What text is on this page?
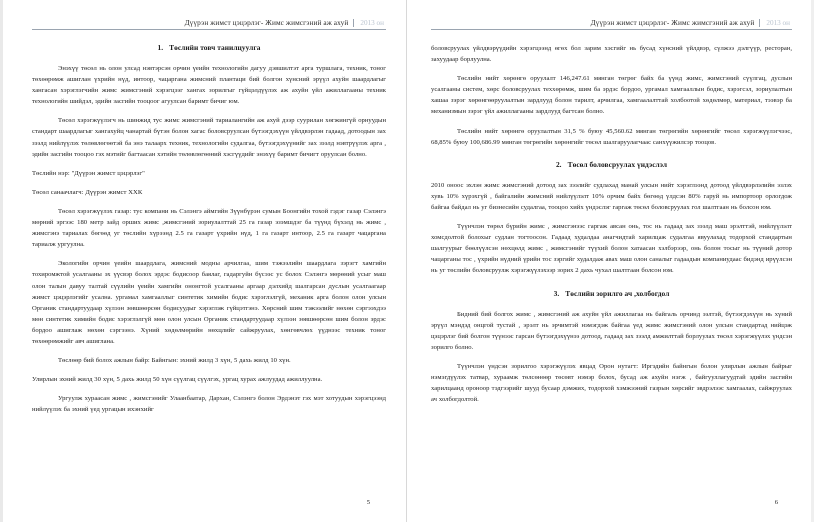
Дүүрэн жимст цэцэрлэг- Жимс жимсгэний аж ахуй	2013 он
1. Төслийн товч танилцуулга

Энэхүү төсөл нь олон улсад нэвтэрсэн орчин үеийн технологийн дагуу дэвшилтэт арга туршлага, техник, тоног төхөөрөмж ашиглан үхрийн нүд, интоор, чацаргана жимсний плантаци бий болгон хүнсний эрүүл ахуйн шаардлагыг хангасан хэрэглэгчийн жимс жимсгэний хэрэгцээг хангах зорилгыг гүйцэлдүүлэх аж ахуйн үйл ажиллагааны техник технологийн шийдэл, эдийн засгийн тооцоог агуулсан баримт бичиг юм.

Төсөл хэрэгжүүлэгч нь шинжид тус жимс жимсгэний тариалангийн аж ахуй дээр суурилан хөгжингүй орнуудын стандарт шаардлагыг хангахуйц чанартай бүтэн болон хагас боловсруулсан бүтээгдэхүүн үйлдвэрлэн гадаад, дотоодын зах зээлд нийлүүлэх төлөвлөгөөтэй ба энэ талаарх техник, технологийн судалгаа, бүтээгдэхүүнийг зах зээлд нэвтрүүлэх арга , эдийн засгийн тооцоо гэх мэтийг багтаасан хэтийн төлөвлөгөөний хэсгүүдийг энэхүү баримт бичигт оруулсан болно.

Төслийн нэр: "Дүүрэн жимст цэцэрлэг"

Төсөл санаачлагч: Дүүрэн жимст ХХК

Төсөл хэрэгжүүлэх газар: тус компани нь Сэлэнгэ аймгийн Зүүнбүрэн сумын Боонгийн тохой гэдэг газар Сэлэнгэ мөрний эргээс 180 метр зайд орших жимс ,жимсгэний зориулалттай 25 га газар эзэмшдэг ба түүнд бүхэлд нь жимс , жимсгэнэ тариалах бөгөөд уг төслийн хүрээнд 2.5 га газарт үхрийн нүд, 1 га газарт интоор, 2.5 га газарт чацаргана тариалж ургуулна.

Экологийн орчин үеийн шаардлага, жимсний модны арчилгаа, шим тэжээлийн шаардлага зэрэгт хамгийн тохиромжтой усалгааны эх үүсвэр болох эрдэс бодисоор баялаг, гадаргуйн бүсээс ус болох Сэлэнгэ мөрөний усыг маш олон талын давуу талтай сүүлийн үеийн хамгийн ононгтой усалгааны аргаар дэлхийд шалгарсан дуслын усалгаагаар жимст цэцэрлэгийг усална. ургамал хамгааллыг синтетик химийн бодис хэрэглэлгүй, механик арга болон олон улсын Органик стандартуудаар хүлээн зөвшөөрсөн бодисуудыг хэрэглэж гүйцэтгэнэ. Хөрсний шим тэжээлийг нөхөн сэргээхдээ мөн синтетик химийн бодис хэрэглэлгүй мөн олон улсын Органик стандартуудаар хүлээн зөвшөөрсөн шим болон эрдэс бордоо ашиглаж нөхөн сэргээнэ. Хүний хөдөлмөрийн нөхцлийг сайжруулах, хөнгөвчлөх үүднээс техник тоног төхөөрөмжийг авч ашиглана.

Төслөөр бий болох ажлын байр: Байнгын: эхний жилд 3 хүн, 5 дахь жилд 10 хүн.

Улирлын эхний жилд 30 хүн, 5 дахь жилд 50 хүн сүүлгац сүүлгэх, ургац хурах ажлуудад ажиллуулна.

Ургуулж хураасан жимс , жимсгэнийг Улаанбаатар, Дархан, Сэлэнгэ болон Эрдэнэт гэх мэт хотуудын хэрэгцээнд нийлүүлэх ба эхний үед ургацын ихэнхийг

5
Дүүрэн жимст цэцэрлэг- Жимс жимсгэний аж ахуй	2013 он

боловсруулах үйлдвэрүүдийн хэрэгцээнд өгөх бол зарим хэсгийг нь бусад хүнсний үйлдвэр, сүлжээ дэлгүүр, ресторан, захуудаар борлуулна.

Төслийн нийт хөрөнгө оруулалт 146,247.61 мянган төгрөг байх ба үүнд жимс, жимсгэний сүүлгац, дуслын усалгааны систем, хөрс боловсруулах теххөрөмж, шим ба эрдэс бордоо, ургамал хамгааллын бодис, хэрэгсэл, зориулалтын хашаа зэрэг хөрөнгөөруулалтын зардлууд болон тарилт, арчилгаа, хамгаалалттай холбоотой хөдөлмөр, материал, тээвэр ба механизмын зэрэг үйл ажиллагааны зардлууд багтсан болно.

Төслийн нийт хөрөнгө оруулалтын 31,5 % буюу 45,560.62 мянган төгрөгийн хөрөнгийг төсөл хэрэгжүүлэгчээс, 68,85% буюу 100,686.99 мянган төгрөгийн хөрөнгийг төсөл шалгаруулагчаас санхүүжилсэр тооцов.

2. Төсөл боловсруулах үндэслэл

2010 оноос эхлэн жимс жимсгэний дотоод зах зээлийг судлахад манай улсын нийт хэрэглээнд дотоод үйлдвэрлэлийн эзлэх хувь 10% хүрэхгүй , байгалийн жимсний нийлүүлэлт 10% орчим байх бөгөөд үлдсэн 80% гаруй нь импортоор орлогдож байгаа байдал нь уг бизнесийн судалгаа, тооцоо хийх үндэслэг гаргаж төсөл боловсруулах гол шалтгаан нь болсон юм.

Түүнчлэн төрөл бүрийн жимс , жимсгэнээс гаргаж авсан онь, тос нь гадаад зах зээлд маш эрэлттэй, нийлүүлэлт хомсдолтой болохыг судлан тогтоосон. Гадаад худалдаа анагчидтай харилцаж судалгаа явуулахад тодорхой стандартын шалгуурыг бөөлүүлсэн нөхцөлд жимс , жимсгэнийг түүхий болон хатаасан хэлбэрээр, онь болон тосыг нь түүний дотор чацарганы тос , үхрийн нүдний үрийн тос зэргийг худалдаж авах маш олон саналыг гадаадын компаниудаас бидэнд ирүүлсэн нь уг төслийн боловсруулж хэрэгжүүлэхээр зорих 2 дахь чухал шалтгаан болсон юм.

3. Төслийн зорилго ач ,холбогдол

Бидний бий болгох жимс , жимсгэний аж ахуйн үйл ажиллагаа нь байгаль орчинд ээлтэй, бүтээгдэхүүн нь хүний эрүүл мэндэд онцгой тустай , эрэлт нь эрчимтэй нэмэгдэж байгаа үед жимс жимсгэний олон улсын стандартад нийцэж цэцэрлэг бий болгон түүнээс гарсан бүтээгдэхүүнээ дотоод, гадаад зах зээлд амжилттай борлуулах төсөл хэрэгжүүлэх үндсэн зорилго болно.

Түүнчлэн үндсэн зорилгоо хэрэгжүүлэх явцад Орон нутагт: Иргэдийн байнгын болон улирлын ажлын байрыг нэмэгдүүлэх татвар, хураамж төлсөнөөр төсөвт нэмэр болох, бусад аж ахуйн нэгж , байгууллагуудтай эдийн засгийн харилцаанд ороноор тэдгээрийг шууд бусаар дэмжих, тодорхой хэмжээний газрын хөрсийг эвдрэлээс хамгаалах, сайжруулах ач холбогдолтой.

6
